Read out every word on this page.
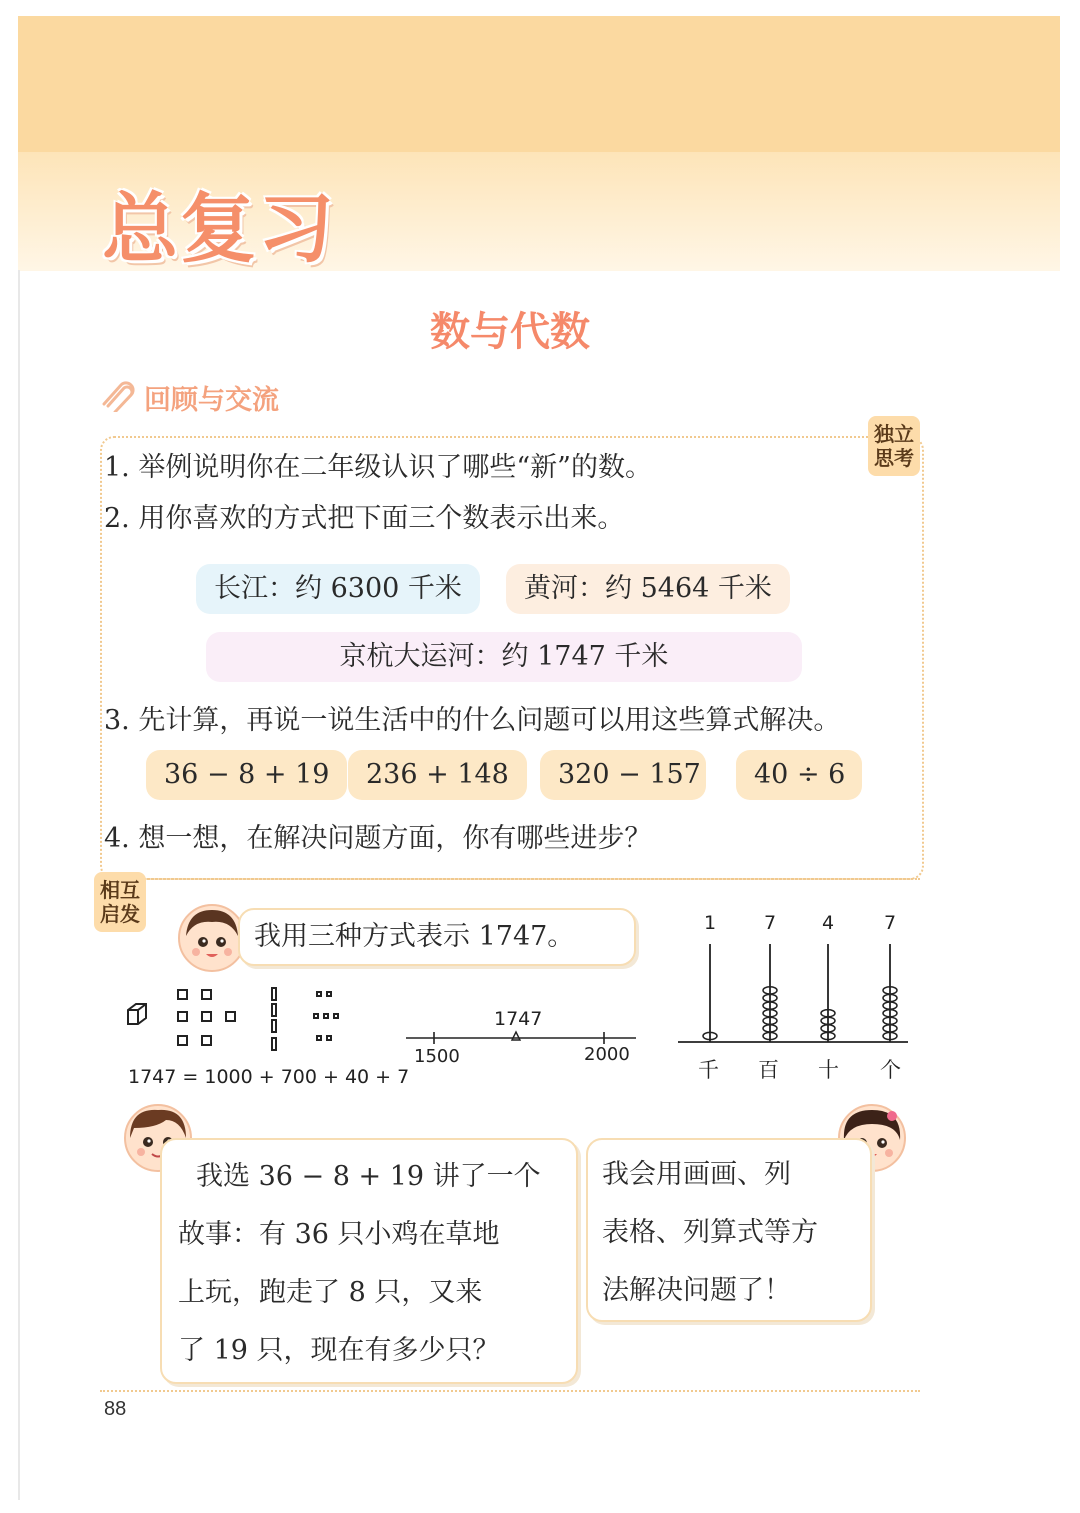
总复习
数与代数
回顾与交流
独立
思考
1. 举例说明你在二年级认识了哪些“新”的数。
2. 用你喜欢的方式把下面三个数表示出来。
长江：约 6300 千米	黄河：约 5464 千米
京杭大运河：约 1747 千米
3. 先计算，再说一说生活中的什么问题可以用这些算式解决。
36 − 8 + 19	236 + 148	320 − 157	40 ÷ 6
4. 想一想，在解决问题方面，你有哪些进步？
相互
启发
我用三种方式表示 1747。
1747 = 1000 + 700 + 40 + 7
1747
1500	2000
1	7 4	7
千 百 十 个
我选 36 − 8 + 19 讲了一个
故事：有 36 只小鸡在草地
上玩，跑走了 8 只，又来
了 19 只，现在有多少只？
我会用画画、列
表格、列算式等方
法解决问题了！
88
